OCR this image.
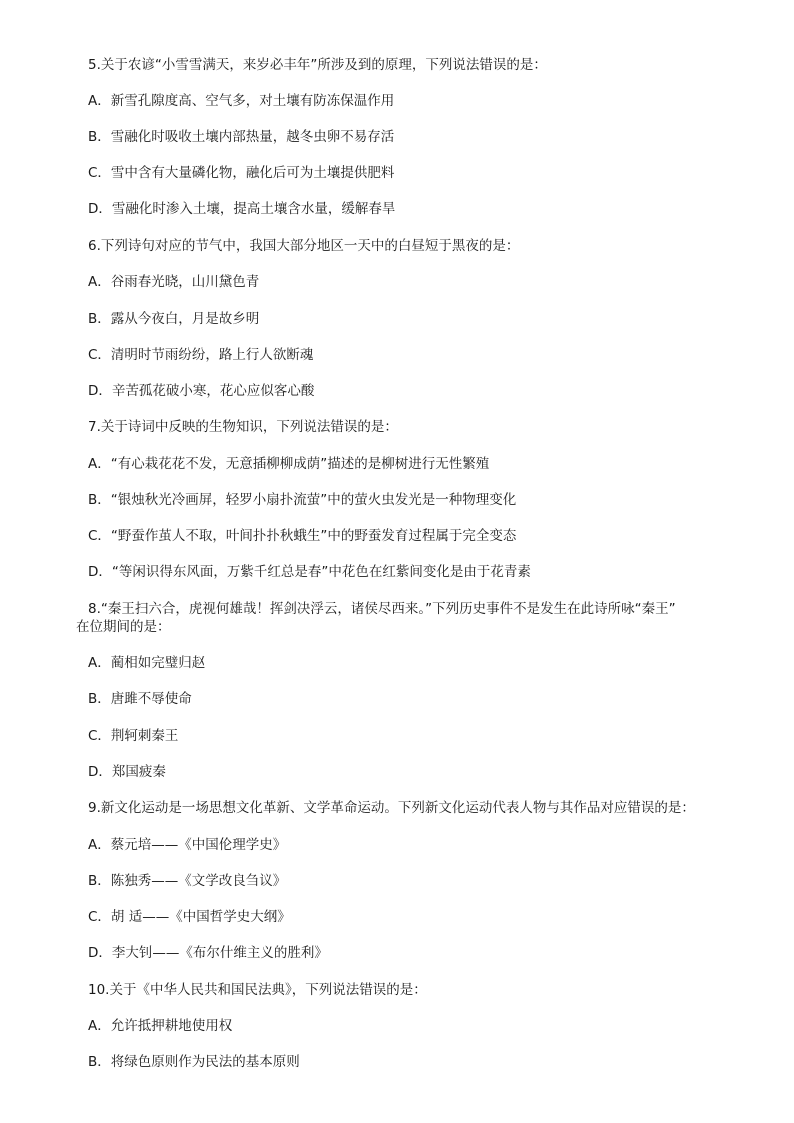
5.关于农谚“小雪雪满天，来岁必丰年”所涉及到的原理，下列说法错误的是：
A．新雪孔隙度高、空气多，对土壤有防冻保温作用
B．雪融化时吸收土壤内部热量，越冬虫卵不易存活
C．雪中含有大量磷化物，融化后可为土壤提供肥料
D．雪融化时渗入土壤，提高土壤含水量，缓解春旱
6.下列诗句对应的节气中，我国大部分地区一天中的白昼短于黑夜的是：
A．谷雨春光晓，山川黛色青
B．露从今夜白，月是故乡明
C．清明时节雨纷纷，路上行人欲断魂
D．辛苦孤花破小寒，花心应似客心酸
7.关于诗词中反映的生物知识，下列说法错误的是：
A．“有心栽花花不发，无意插柳柳成荫”描述的是柳树进行无性繁殖
B．“银烛秋光冷画屏，轻罗小扇扑流萤”中的萤火虫发光是一种物理变化
C．“野蚕作茧人不取，叶间扑扑秋蛾生”中的野蚕发育过程属于完全变态
D．“等闲识得东风面，万紫千红总是春”中花色在红紫间变化是由于花青素
8.“秦王扫六合，虎视何雄哉！挥剑决浮云，诸侯尽西来。”下列历史事件不是发生在此诗所咏“秦王”
在位期间的是：
A．蔺相如完璧归赵
B．唐雎不辱使命
C．荆轲刺秦王
D．郑国疲秦
9.新文化运动是一场思想文化革新、文学革命运动。下列新文化运动代表人物与其作品对应错误的是：
A．蔡元培——《中国伦理学史》
B．陈独秀——《文学改良刍议》
C．胡 适——《中国哲学史大纲》
D．李大钊——《布尔什维主义的胜利》
10.关于《中华人民共和国民法典》，下列说法错误的是：
A．允许抵押耕地使用权
B．将绿色原则作为民法的基本原则
